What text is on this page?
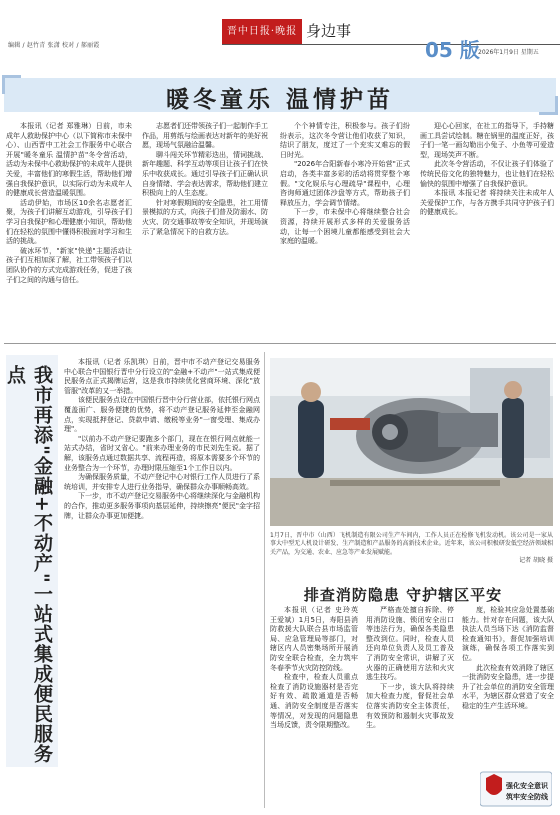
编辑 / 赵竹青 张潇 校对 / 郝丽霞
晋中日报·晚报版
身边事
05 版
2026年1月9日 星期五
暖冬童乐 温情护苗

本报讯（记者 郑雅琳）日前，市未成年人救助保护中心（以下简称市未保中心）、山西晋中工社会工作服务中心联合开展"暖冬童乐 温情护苗"冬令营活动，活动为未保中心救助保护的未成年人提供关爱，丰富他们的寒假生活，帮助他们增强自我保护意识，以实际行动为未成年人的健康成长营造温暖氛围。

活动伊始，市场区10余名志愿者汇聚，为孩子们讲解互动游戏，引导孩子们学习自我保护和心理健康小知识，帮助他们在轻松的氛围中懂得积极面对学习和生活的挑战。

破冰环节，"新家"快递"主题活动让孩子们互相加深了解，社工带领孩子们以团队协作的方式完成游戏任务，促进了孩子们之间的沟通与信任。

志愿者们还带领孩子们一起制作手工作品，用剪纸与绘画表达对新年的美好祝愿，现场气氛融洽温馨。

聊斗闯关环节精彩迭出，情词挑战、新年趣题、科学互动等项目让孩子们在快乐中收获成长。通过引导孩子们正确认识自身情绪、学会表达需求，帮助他们建立积极向上的人生态度。

针对寒假期间的安全隐患，社工用情景模拟的方式，向孩子们普及防溺水、防火灾、防交通事故等安全知识，并现场演示了紧急情况下的自救方法。

个个神情专注，积极参与。孩子们纷纷表示，这次冬令营让他们收获了知识，结识了朋友，度过了一个充实又难忘的假日时光。

"2026年合阳新春小寒冷开始营"正式启动，各类丰富多彩的活动将贯穿整个寒假。"文化娱乐与心理疏导"课程中，心理咨询师通过团体沙盘等方式，帮助孩子们释放压力，学会调节情绪。

下一步，市未保中心将继续整合社会资源，持续开展形式多样的关爱服务活动，让每一个困境儿童都能感受到社会大家庭的温暖。

迎心心回家，在社工的指导下，手持糖画工具尝试绘制。糖在锅里的温度正好，孩子们一笔一画勾勒出小兔子、小鱼等可爱造型，现场笑声不断。

此次冬令营活动，不仅让孩子们体验了传统民俗文化的独特魅力，也让他们在轻松愉快的氛围中增强了自我保护意识。

本报讯 本报记者 将持续关注未成年人关爱保护工作，与各方携手共同守护孩子们的健康成长。

我市再添"金融+不动产"一站式集成便民服务点

本报讯（记者 乐凯琪）日前，晋中市不动产登记交易服务中心联合中国银行晋中分行设立的"金融+不动产"一站式集成便民服务点正式揭牌运营，这是我市持续优化营商环境、深化"放管服"改革的又一举措。

该便民服务点设在中国银行晋中分行营业部，依托银行网点覆盖面广、服务便捷的优势，将不动产登记服务延伸至金融网点，实现抵押登记、贷款申请、缴税等业务"一窗受理、集成办理"。

"以前办不动产登记要跑多个部门，现在在银行网点就能一站式办结，省时又省心。"前来办理业务的市民刘先生说。据了解，该服务点通过数据共享、流程再造，将原本需要多个环节的业务整合为一个环节，办理时限压缩至1个工作日以内。

为确保服务质量，不动产登记中心对银行工作人员进行了系统培训，并安排专人进行业务指导，确保群众办事顺畅高效。

下一步，市不动产登记交易服务中心将继续深化与金融机构的合作，推动更多服务事项向基层延伸，持续擦亮"便民"金字招牌，让群众办事更加便捷。

1月7日，晋中市（山西）飞机制造有限公司生产车间内，工作人员正在检修飞机发动机。该公司是一家从事大中型无人机设计研发、生产制造和产品服务的高新技术企业。近年来，该公司积极研发低空经济领域相关产品，为交通、农业、应急等产业发展赋能。
记者 胡晓 摄
排查消防隐患 守护辖区平安

本报讯（记者 史玲英 王爱斌）1月5日，寿阳县消防救援大队联合县市场监管局、应急管理局等部门，对辖区内人员密集场所开展消防安全联合检查，全力筑牢冬春季节火灾防控防线。

检查中，检查人员重点检查了消防设施器材是否完好有效、疏散通道是否畅通、消防安全制度是否落实等情况，对发现的问题隐患当场反馈，责令限期整改。

严格查处擅自拆除、停用消防设施、锁闭安全出口等违法行为，确保各类隐患整改到位。同时，检查人员还向单位负责人及员工普及了消防安全常识，讲解了灭火器的正确使用方法和火灾逃生技巧。

下一步，该大队将持续加大检查力度，督促社会单位落实消防安全主体责任，有效预防和遏制火灾事故发生。

度，检验其应急处置基础能力。针对存在问题，该大队执法人员当场下达《消防监督检查通知书》，督促加强培训演练，确保各项工作落实到位。

此次检查有效消除了辖区一批消防安全隐患，进一步提升了社会单位的消防安全管理水平，为辖区群众营造了安全稳定的生产生活环境。

强化安全意识
筑牢安全防线
